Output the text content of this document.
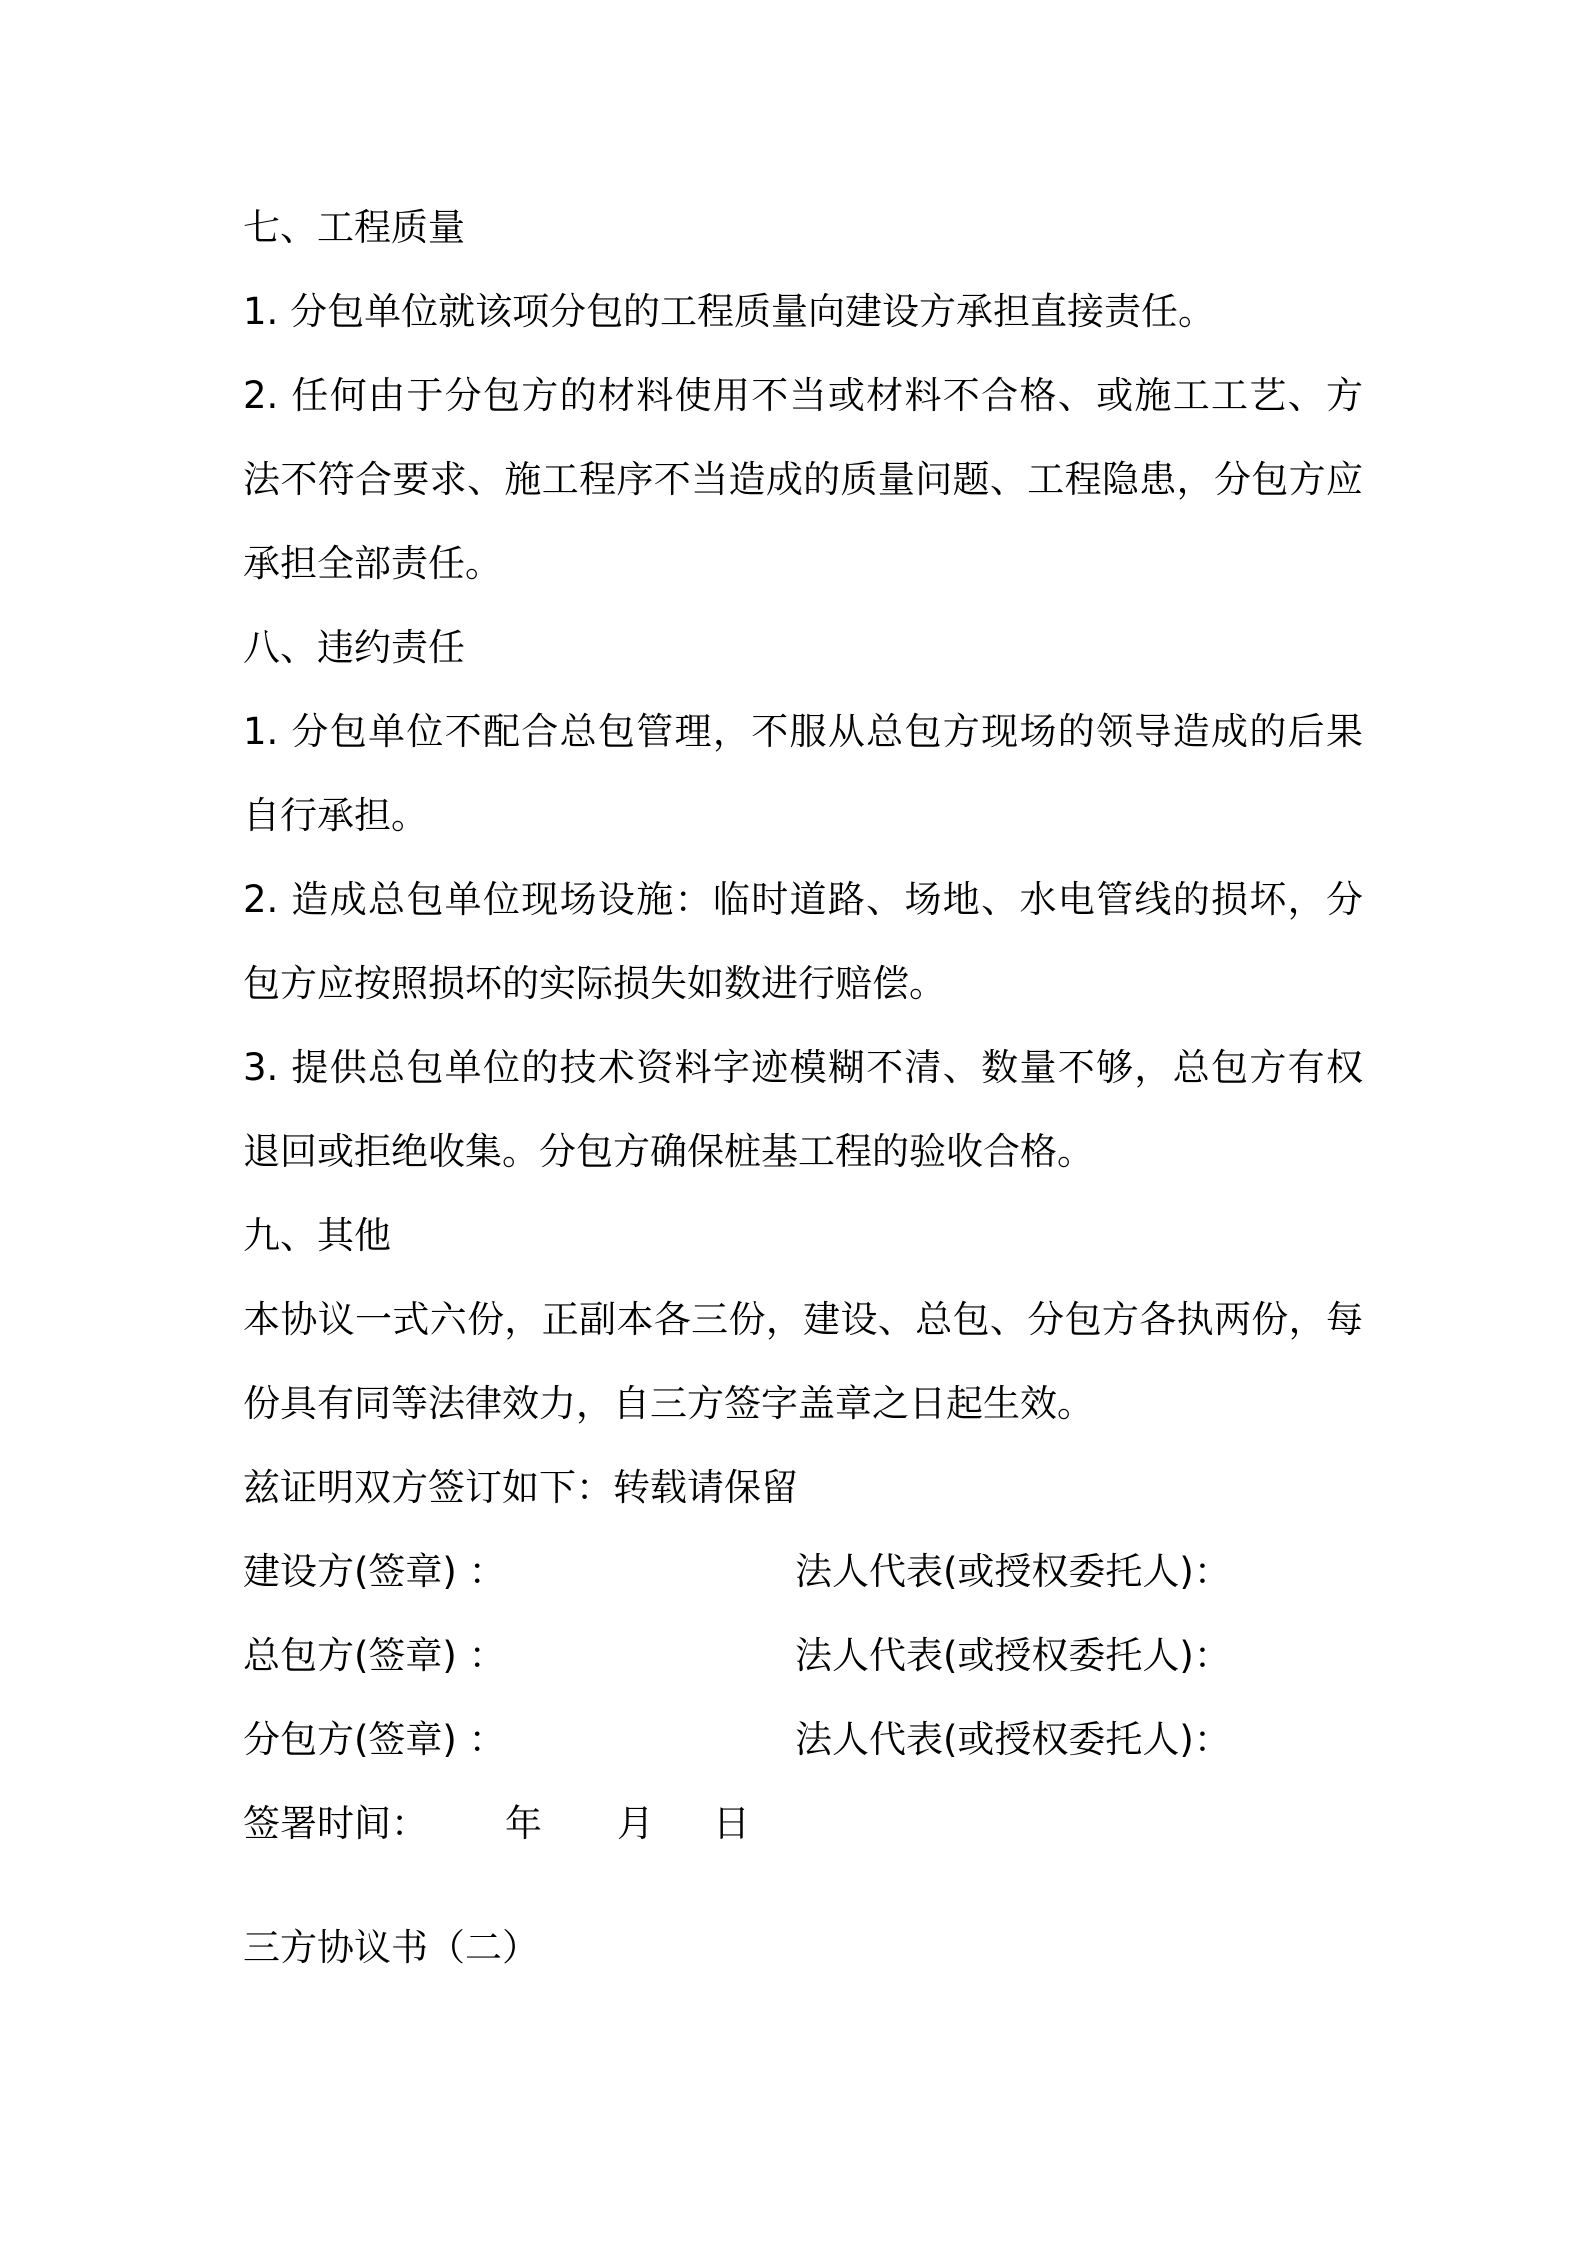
七、工程质量
1. 分包单位就该项分包的工程质量向建设方承担直接责任。
2. 任何由于分包方的材料使用不当或材料不合格、或施工工艺、方
法不符合要求、施工程序不当造成的质量问题、工程隐患，分包方应
承担全部责任。
八、违约责任
1. 分包单位不配合总包管理，不服从总包方现场的领导造成的后果
自行承担。
2. 造成总包单位现场设施：临时道路、场地、水电管线的损坏，分
包方应按照损坏的实际损失如数进行赔偿。
3. 提供总包单位的技术资料字迹模糊不清、数量不够，总包方有权
退回或拒绝收集。分包方确保桩基工程的验收合格。
九、其他
本协议一式六份，正副本各三份，建设、总包、分包方各执两份，每
份具有同等法律效力，自三方签字盖章之日起生效。
兹证明双方签订如下：转载请保留
建设方(签章) ：	法人代表(或授权委托人)：
总包方(签章) ：	法人代表(或授权委托人)：
分包方(签章) ：	法人代表(或授权委托人)：
签署时间： 年 月 日
三方协议书（二）
